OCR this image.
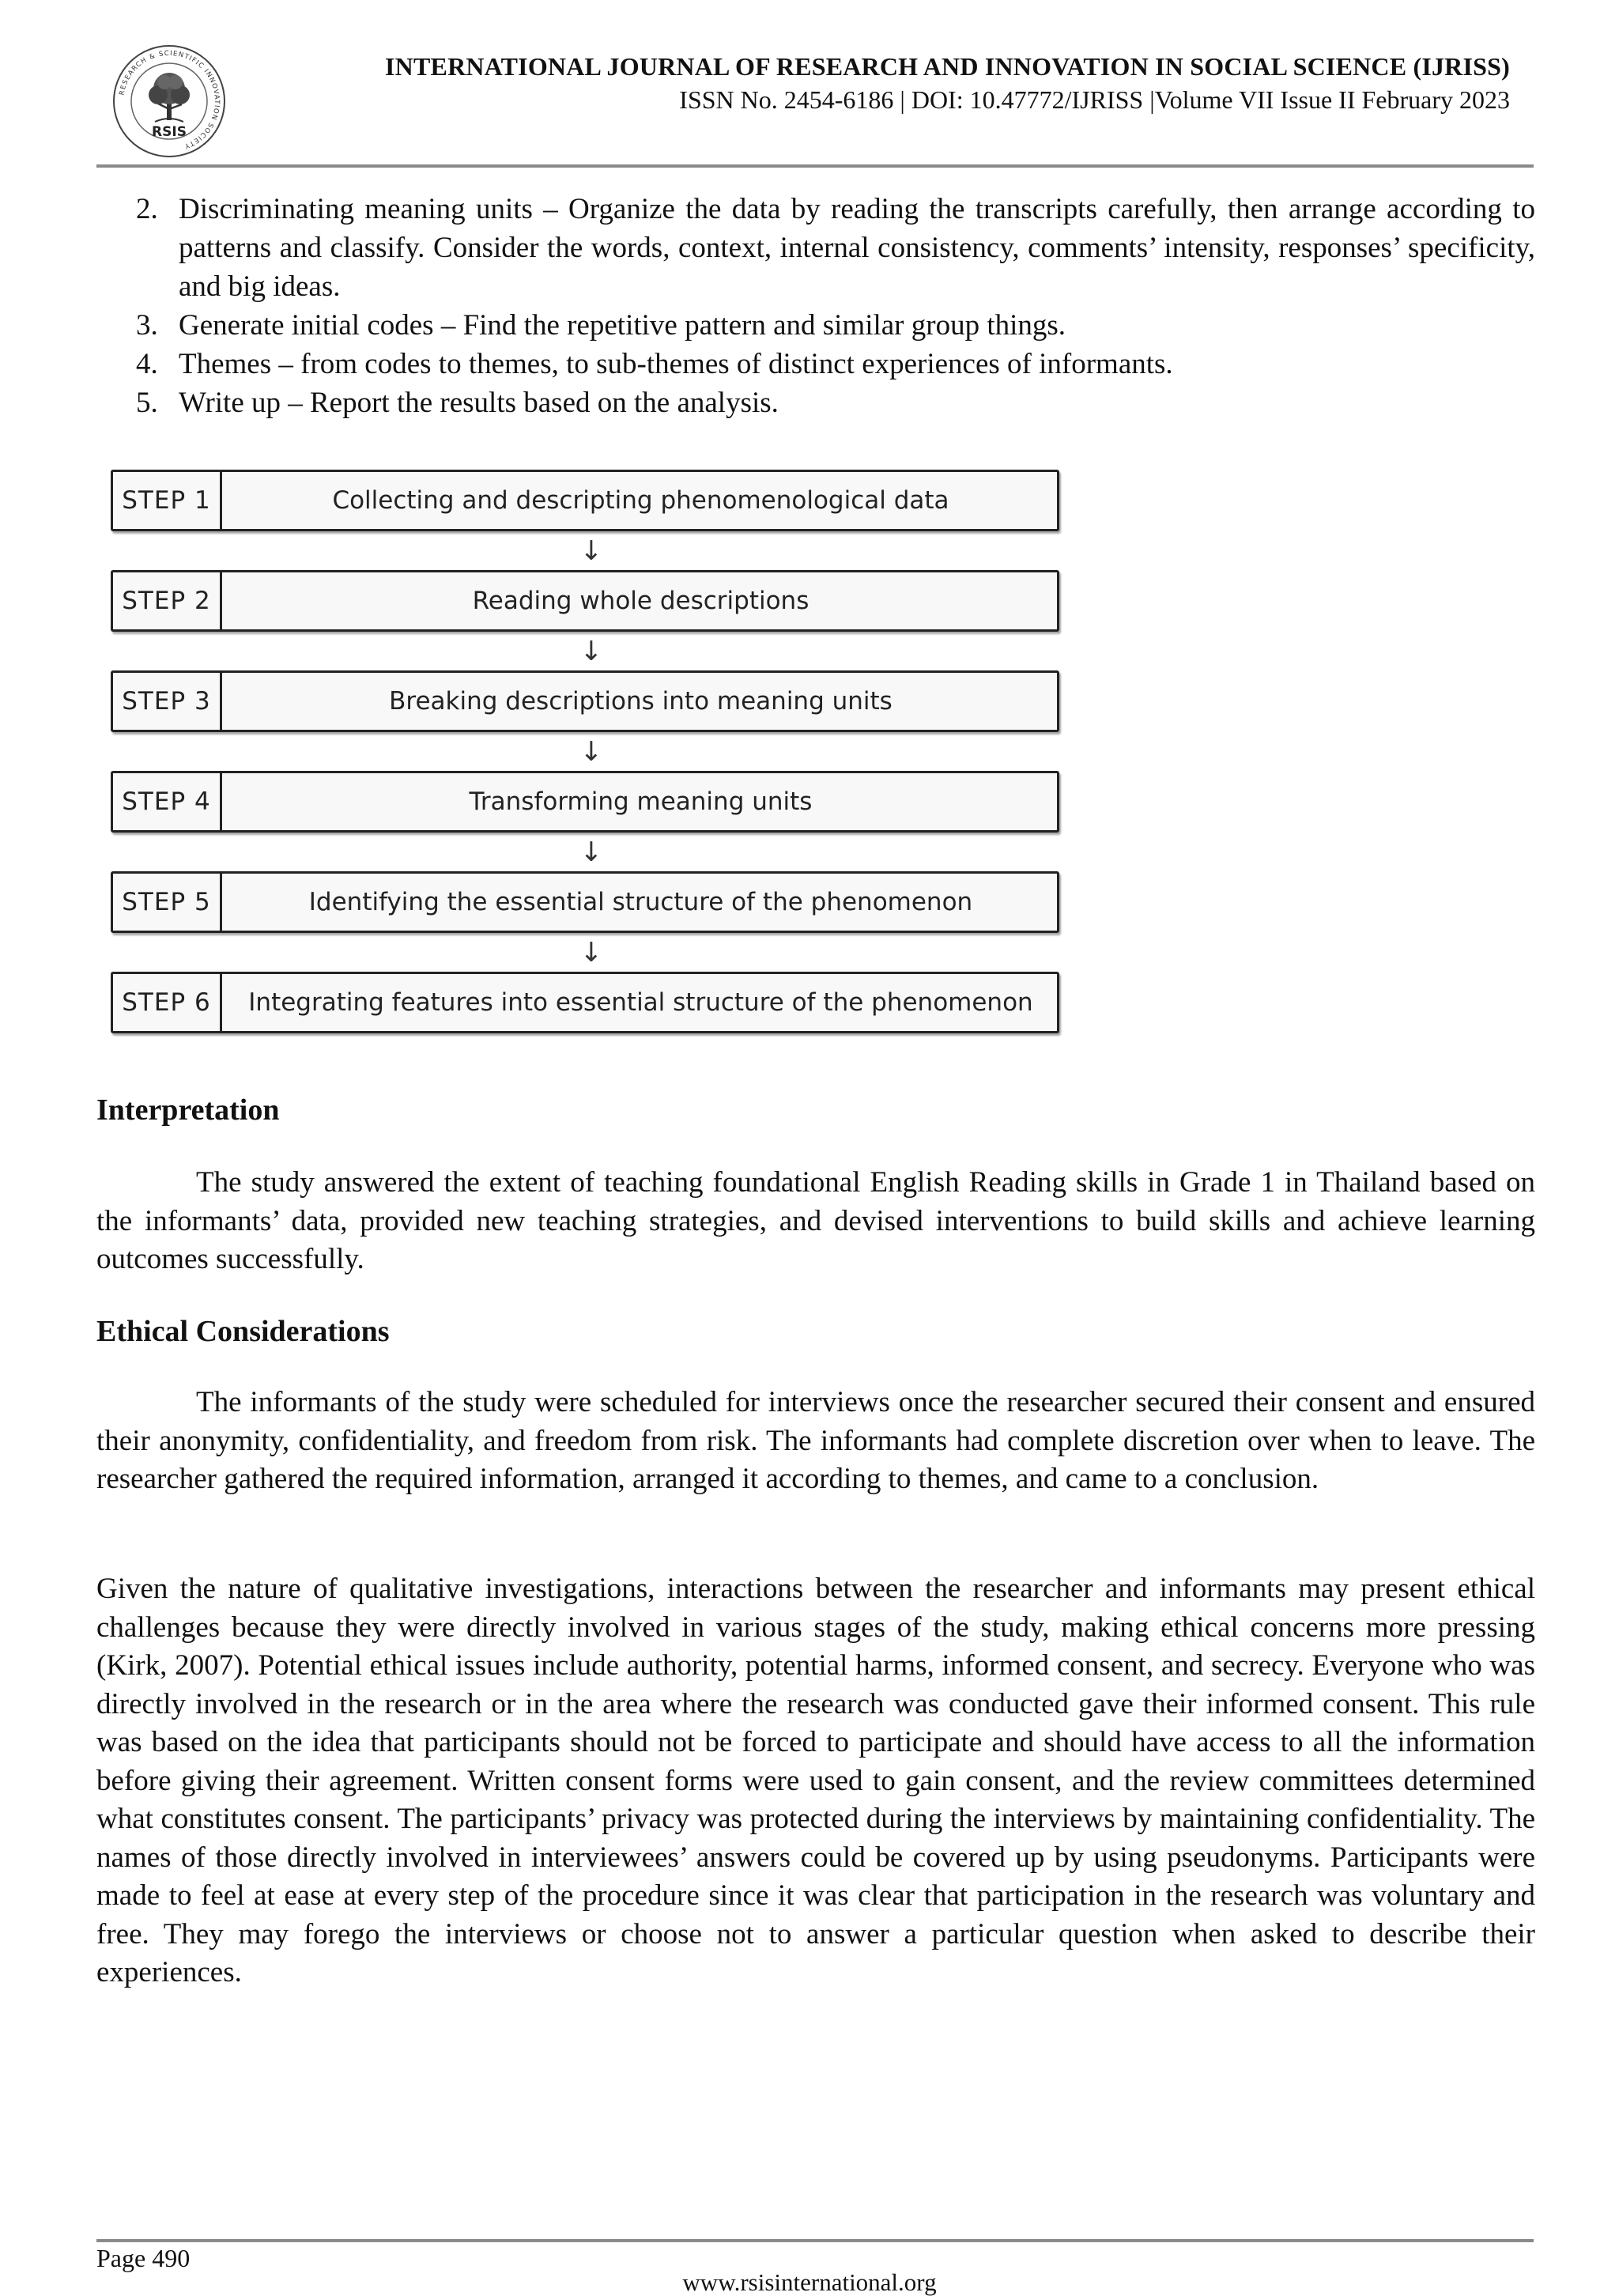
RESEARCH & SCIENTIFIC INNOVATION SOCIETY
RSIS
INTERNATIONAL JOURNAL OF RESEARCH AND INNOVATION IN SOCIAL SCIENCE (IJRISS)
ISSN No. 2454-6186 | DOI: 10.47772/IJRISS |Volume VII Issue II February 2023
2. Discriminating meaning units – Organize the data by reading the transcripts carefully, then arrange according to patterns and classify. Consider the words, context, internal consistency, comments’ intensity, responses’ specificity, and big ideas.
3. Generate initial codes – Find the repetitive pattern and similar group things.
4. Themes – from codes to themes, to sub-themes of distinct experiences of informants.
5. Write up – Report the results based on the analysis.
STEP 1	Collecting and descripting phenomenological data
↓
STEP 2	Reading whole descriptions
↓
STEP 3	Breaking descriptions into meaning units
↓
STEP 4	Transforming meaning units
↓
STEP 5	Identifying the essential structure of the phenomenon
↓
STEP 6	Integrating features into essential structure of the phenomenon
Interpretation

The study answered the extent of teaching foundational English Reading skills in Grade 1 in Thailand based on the informants’ data, provided new teaching strategies, and devised interventions to build skills and achieve learning outcomes successfully.

Ethical Considerations

The informants of the study were scheduled for interviews once the researcher secured their consent and ensured their anonymity, confidentiality, and freedom from risk. The informants had complete discretion over when to leave. The researcher gathered the required information, arranged it according to themes, and came to a conclusion.

Given the nature of qualitative investigations, interactions between the researcher and informants may present ethical challenges because they were directly involved in various stages of the study, making ethical concerns more pressing (Kirk, 2007). Potential ethical issues include authority, potential harms, informed consent, and secrecy. Everyone who was directly involved in the research or in the area where the research was conducted gave their informed consent. This rule was based on the idea that participants should not be forced to participate and should have access to all the information before giving their agreement. Written consent forms were used to gain consent, and the review committees determined what constitutes consent. The participants’ privacy was protected during the interviews by maintaining confidentiality. The names of those directly involved in interviewees’ answers could be covered up by using pseudonyms. Participants were made to feel at ease at every step of the procedure since it was clear that participation in the research was voluntary and free. They may forego the interviews or choose not to answer a particular question when asked to describe their experiences.

Page 490
www.rsisinternational.org
